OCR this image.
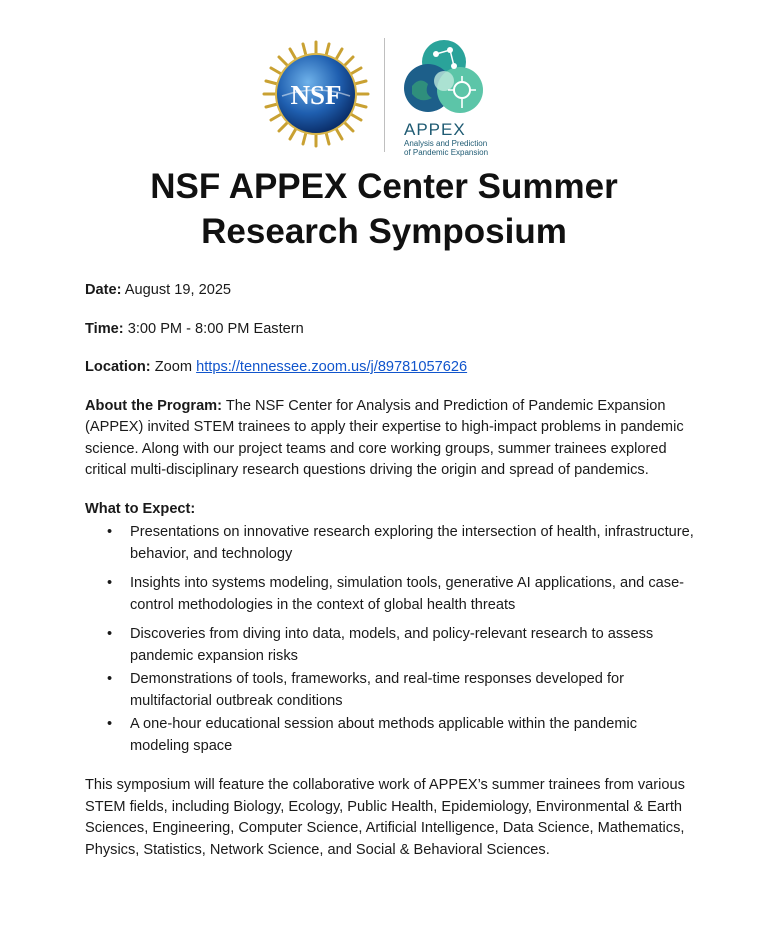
NSF
APPEX
Analysis and Prediction
of Pandemic Expansion
NSF APPEX Center Summer
Research Symposium

Date: August 19, 2025

Time: 3:00 PM - 8:00 PM Eastern

Location: Zoom https://tennessee.zoom.us/j/89781057626

About the Program: The NSF Center for Analysis and Prediction of Pandemic Expansion (APPEX) invited STEM trainees to apply their expertise to high-impact problems in pandemic science. Along with our project teams and core working groups, summer trainees explored critical multi-disciplinary research questions driving the origin and spread of pandemics.

What to Expect:

• Presentations on innovative research exploring the intersection of health, infrastructure, behavior, and technology
• Insights into systems modeling, simulation tools, generative AI applications, and case-control methodologies in the context of global health threats
• Discoveries from diving into data, models, and policy-relevant research to assess pandemic expansion risks
• Demonstrations of tools, frameworks, and real-time responses developed for multifactorial outbreak conditions
• A one-hour educational session about methods applicable within the pandemic modeling space

This symposium will feature the collaborative work of APPEX’s summer trainees from various STEM fields, including Biology, Ecology, Public Health, Epidemiology, Environmental & Earth Sciences, Engineering, Computer Science, Artificial Intelligence, Data Science, Mathematics, Physics, Statistics, Network Science, and Social & Behavioral Sciences.
